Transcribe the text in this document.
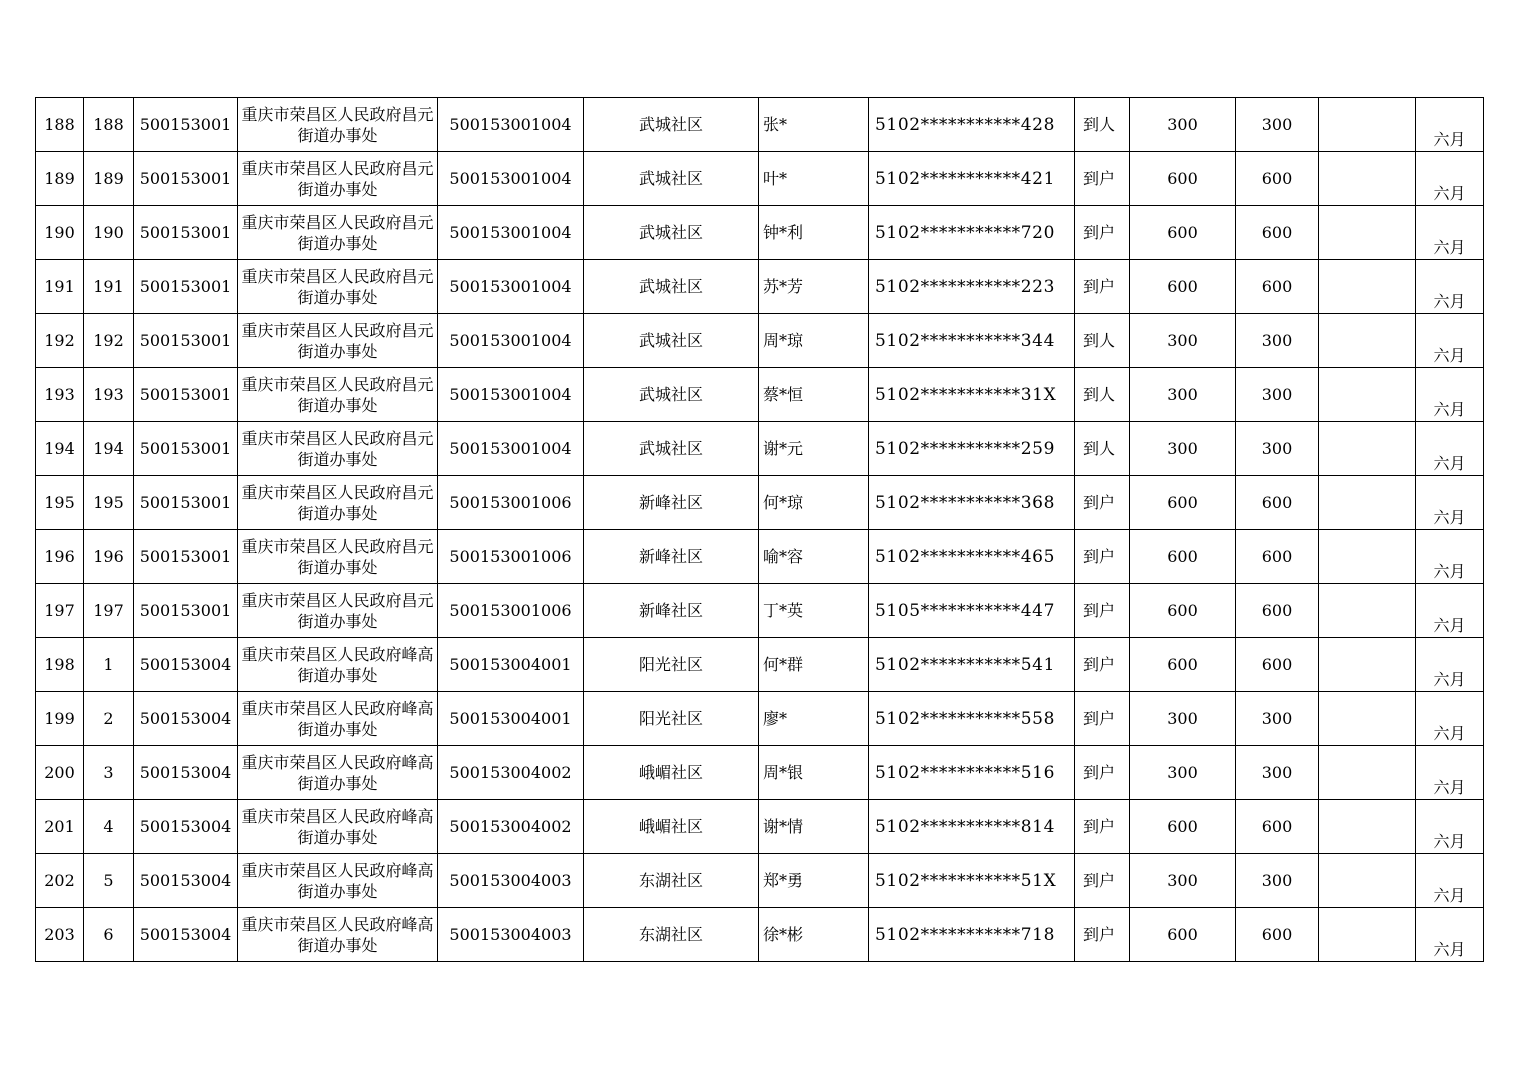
188	188	500153001	重庆市荣昌区人民政府昌元街道办事处	500153001004	武城社区	张*	5102***********428	到人	300	300		六月
189	189	500153001	重庆市荣昌区人民政府昌元街道办事处	500153001004	武城社区	叶*	5102***********421	到户	600	600		六月
190	190	500153001	重庆市荣昌区人民政府昌元街道办事处	500153001004	武城社区	钟*利	5102***********720	到户	600	600		六月
191	191	500153001	重庆市荣昌区人民政府昌元街道办事处	500153001004	武城社区	苏*芳	5102***********223	到户	600	600		六月
192	192	500153001	重庆市荣昌区人民政府昌元街道办事处	500153001004	武城社区	周*琼	5102***********344	到人	300	300		六月
193	193	500153001	重庆市荣昌区人民政府昌元街道办事处	500153001004	武城社区	蔡*恒	5102***********31X	到人	300	300		六月
194	194	500153001	重庆市荣昌区人民政府昌元街道办事处	500153001004	武城社区	谢*元	5102***********259	到人	300	300		六月
195	195	500153001	重庆市荣昌区人民政府昌元街道办事处	500153001006	新峰社区	何*琼	5102***********368	到户	600	600		六月
196	196	500153001	重庆市荣昌区人民政府昌元街道办事处	500153001006	新峰社区	喻*容	5102***********465	到户	600	600		六月
197	197	500153001	重庆市荣昌区人民政府昌元街道办事处	500153001006	新峰社区	丁*英	5105***********447	到户	600	600		六月
198	1	500153004	重庆市荣昌区人民政府峰高街道办事处	500153004001	阳光社区	何*群	5102***********541	到户	600	600		六月
199	2	500153004	重庆市荣昌区人民政府峰高街道办事处	500153004001	阳光社区	廖*	5102***********558	到户	300	300		六月
200	3	500153004	重庆市荣昌区人民政府峰高街道办事处	500153004002	峨嵋社区	周*银	5102***********516	到户	300	300		六月
201	4	500153004	重庆市荣昌区人民政府峰高街道办事处	500153004002	峨嵋社区	谢*情	5102***********814	到户	600	600		六月
202	5	500153004	重庆市荣昌区人民政府峰高街道办事处	500153004003	东湖社区	郑*勇	5102***********51X	到户	300	300		六月
203	6	500153004	重庆市荣昌区人民政府峰高街道办事处	500153004003	东湖社区	徐*彬	5102***********718	到户	600	600		六月
